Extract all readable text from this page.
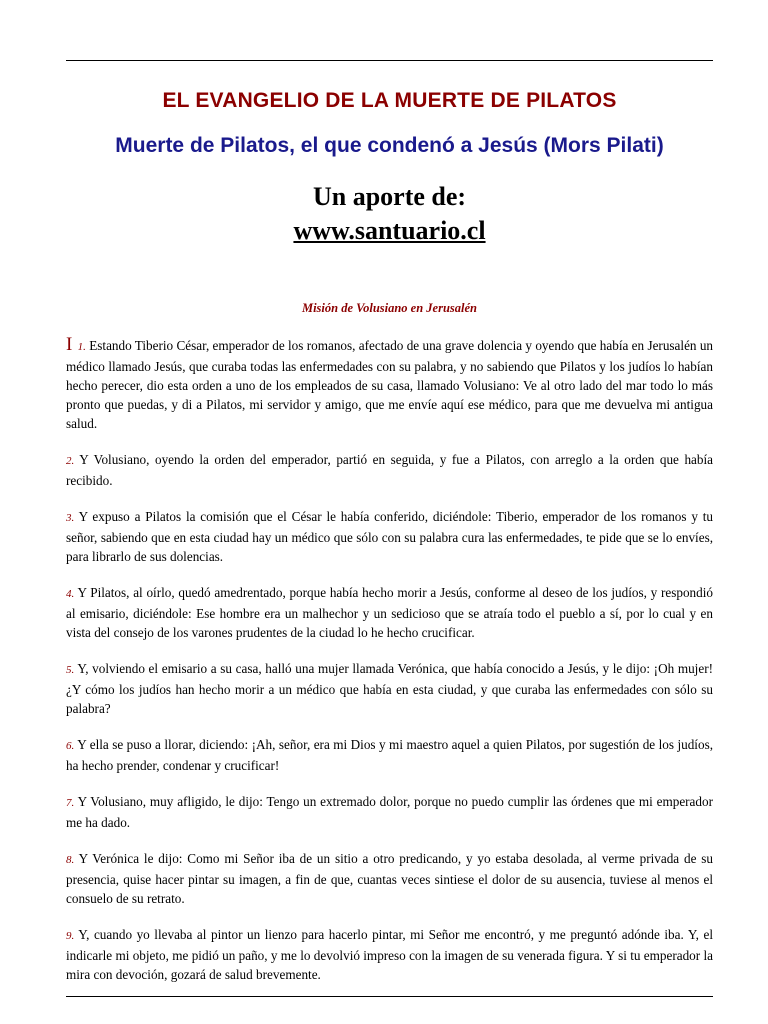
EL EVANGELIO DE LA MUERTE DE PILATOS
Muerte de Pilatos, el que condenó a Jesús (Mors Pilati)
Un aporte de:
www.santuario.cl
Misión de Volusiano en Jerusalén

I 1. Estando Tiberio César, emperador de los romanos, afectado de una grave dolencia y oyendo que había en Jerusalén un médico llamado Jesús, que curaba todas las enfermedades con su palabra, y no sabiendo que Pilatos y los judíos lo habían hecho perecer, dio esta orden a uno de los empleados de su casa, llamado Volusiano: Ve al otro lado del mar todo lo más pronto que puedas, y di a Pilatos, mi servidor y amigo, que me envíe aquí ese médico, para que me devuelva mi antigua salud.

2. Y Volusiano, oyendo la orden del emperador, partió en seguida, y fue a Pilatos, con arreglo a la orden que había recibido.

3. Y expuso a Pilatos la comisión que el César le había conferido, diciéndole: Tiberio, emperador de los romanos y tu señor, sabiendo que en esta ciudad hay un médico que sólo con su palabra cura las enfermedades, te pide que se lo envíes, para librarlo de sus dolencias.

4. Y Pilatos, al oírlo, quedó amedrentado, porque había hecho morir a Jesús, conforme al deseo de los judíos, y respondió al emisario, diciéndole: Ese hombre era un malhechor y un sedicioso que se atraía todo el pueblo a sí, por lo cual y en vista del consejo de los varones prudentes de la ciudad lo he hecho crucificar.

5. Y, volviendo el emisario a su casa, halló una mujer llamada Verónica, que había conocido a Jesús, y le dijo: ¡Oh mujer! ¿Y cómo los judíos han hecho morir a un médico que había en esta ciudad, y que curaba las enfermedades con sólo su palabra?

6. Y ella se puso a llorar, diciendo: ¡Ah, señor, era mi Dios y mi maestro aquel a quien Pilatos, por sugestión de los judíos, ha hecho prender, condenar y crucificar!

7. Y Volusiano, muy afligido, le dijo: Tengo un extremado dolor, porque no puedo cumplir las órdenes que mi emperador me ha dado.

8. Y Verónica le dijo: Como mi Señor iba de un sitio a otro predicando, y yo estaba desolada, al verme privada de su presencia, quise hacer pintar su imagen, a fin de que, cuantas veces sintiese el dolor de su ausencia, tuviese al menos el consuelo de su retrato.

9. Y, cuando yo llevaba al pintor un lienzo para hacerlo pintar, mi Señor me encontró, y me preguntó adónde iba. Y, el indicarle mi objeto, me pidió un paño, y me lo devolvió impreso con la imagen de su venerada figura. Y si tu emperador la mira con devoción, gozará de salud brevemente.
